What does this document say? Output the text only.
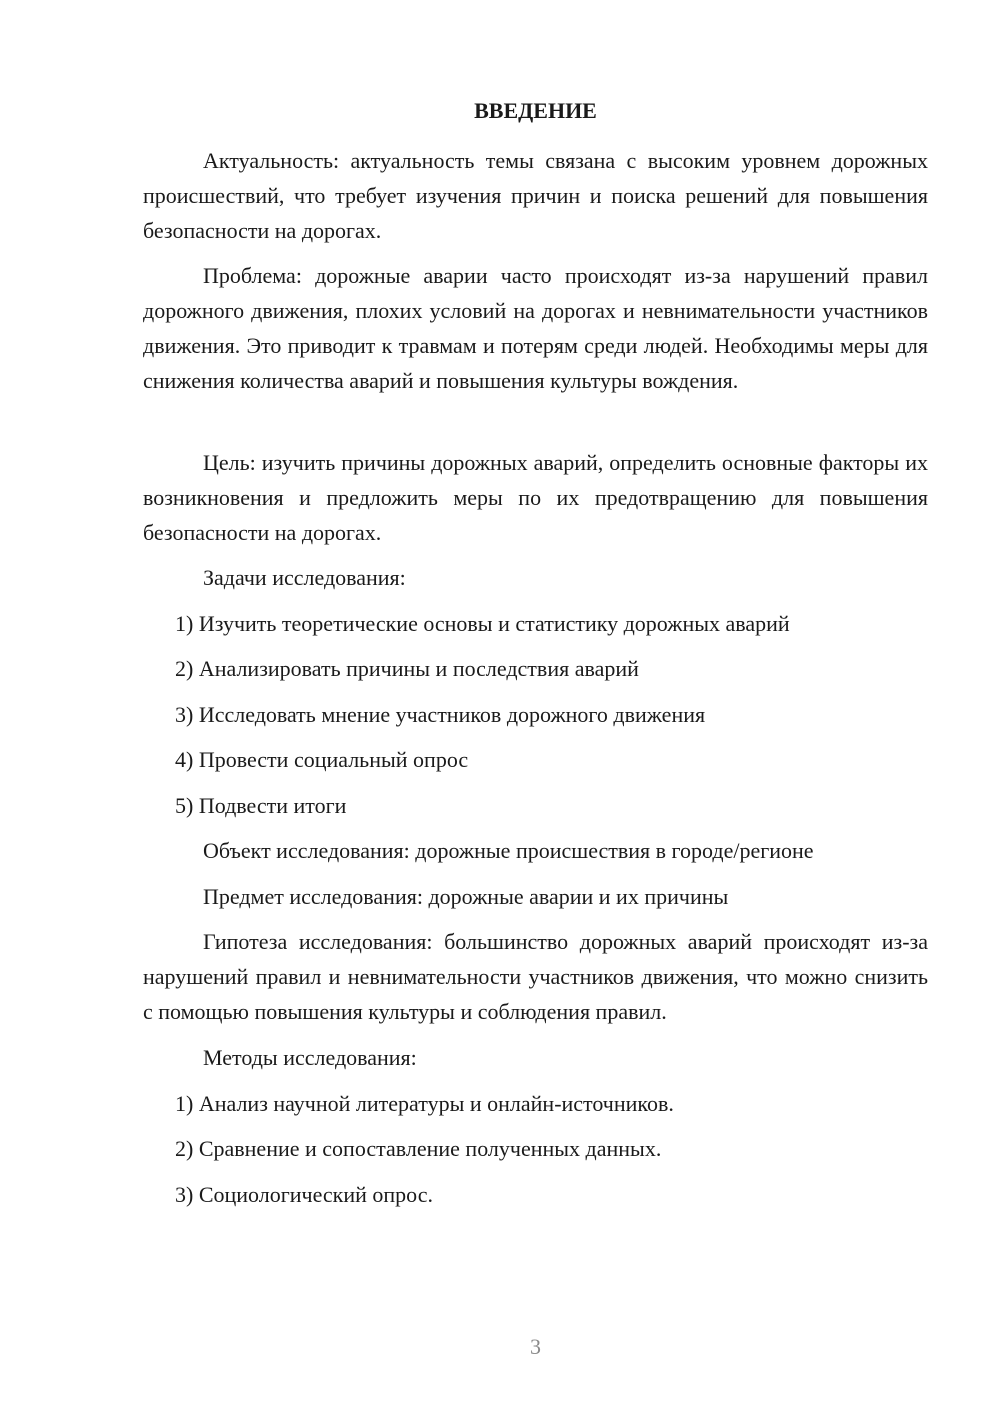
ВВЕДЕНИЕ

Актуальность: актуальность темы связана с высоким уровнем дорожных происшествий, что требует изучения причин и поиска решений для повышения безопасности на дорогах.

Проблема: дорожные аварии часто происходят из-за нарушений правил дорожного движения, плохих условий на дорогах и невнимательности участников движения. Это приводит к травмам и потерям среди людей. Необходимы меры для снижения количества аварий и повышения культуры вождения.

Цель: изучить причины дорожных аварий, определить основные факторы их возникновения и предложить меры по их предотвращению для повышения безопасности на дорогах.

Задачи исследования:

1) Изучить теоретические основы и статистику дорожных аварий

2) Анализировать причины и последствия аварий

3) Исследовать мнение участников дорожного движения

4) Провести социальный опрос

5) Подвести итоги

Объект исследования: дорожные происшествия в городе/регионе

Предмет исследования: дорожные аварии и их причины

Гипотеза исследования: большинство дорожных аварий происходят из-за нарушений правил и невнимательности участников движения, что можно снизить с помощью повышения культуры и соблюдения правил.

Методы исследования:

1) Анализ научной литературы и онлайн-источников.

2) Сравнение и сопоставление полученных данных.

3) Социологический опрос.

3
